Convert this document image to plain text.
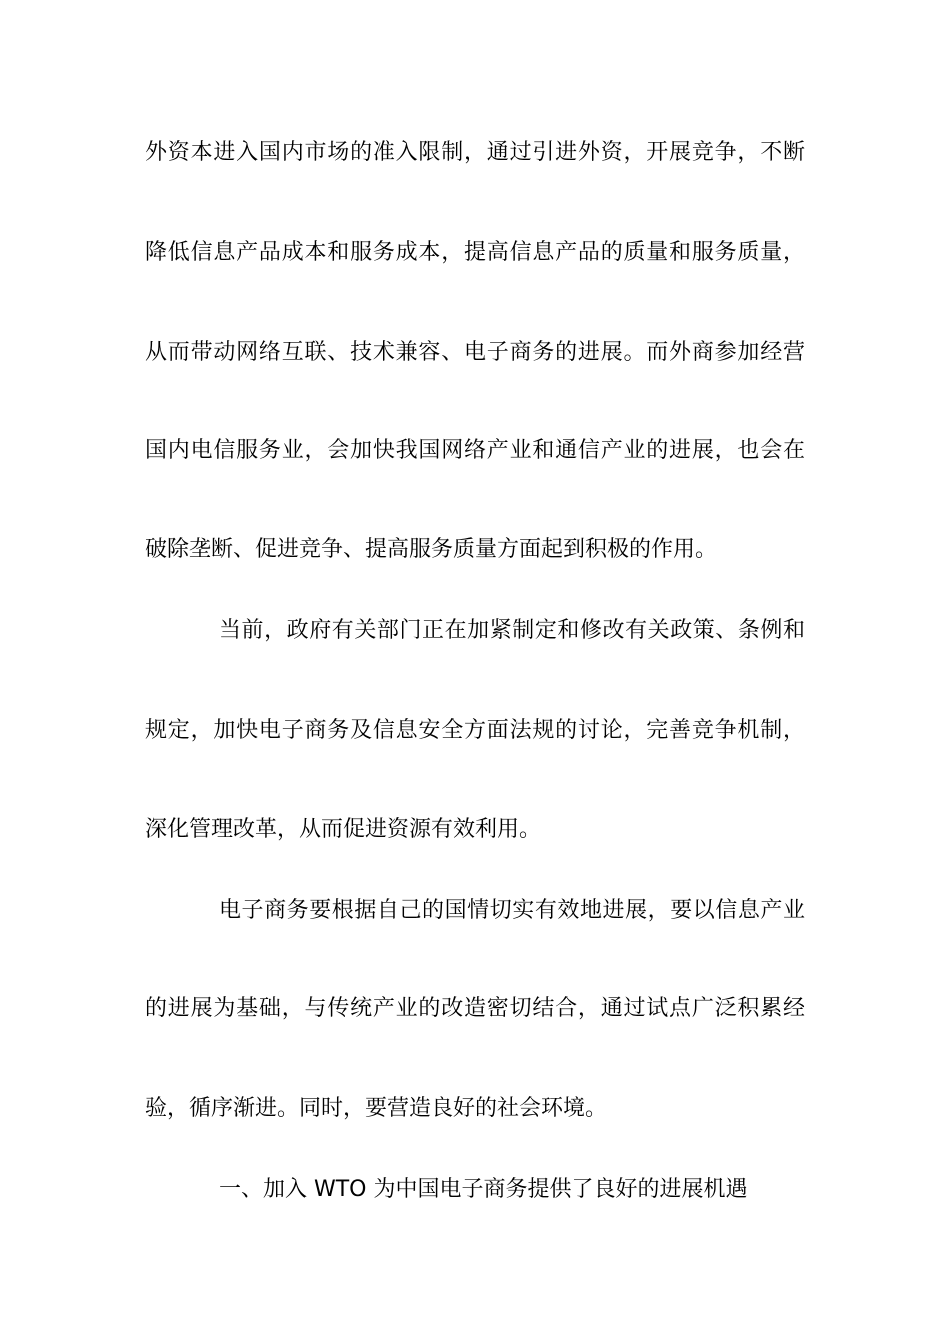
外资本进入国内市场的准入限制，通过引进外资，开展竞争，不断
降低信息产品成本和服务成本，提高信息产品的质量和服务质量，
从而带动网络互联、技术兼容、电子商务的进展。而外商参加经营
国内电信服务业，会加快我国网络产业和通信产业的进展，也会在
破除垄断、促进竞争、提高服务质量方面起到积极的作用。
当前，政府有关部门正在加紧制定和修改有关政策、条例和
规定，加快电子商务及信息安全方面法规的讨论，完善竞争机制，
深化管理改革，从而促进资源有效利用。
电子商务要根据自己的国情切实有效地进展，要以信息产业
的进展为基础，与传统产业的改造密切结合，通过试点广泛积累经
验，循序渐进。同时，要营造良好的社会环境。
一、加入 WTO 为中国电子商务提供了良好的进展机遇
